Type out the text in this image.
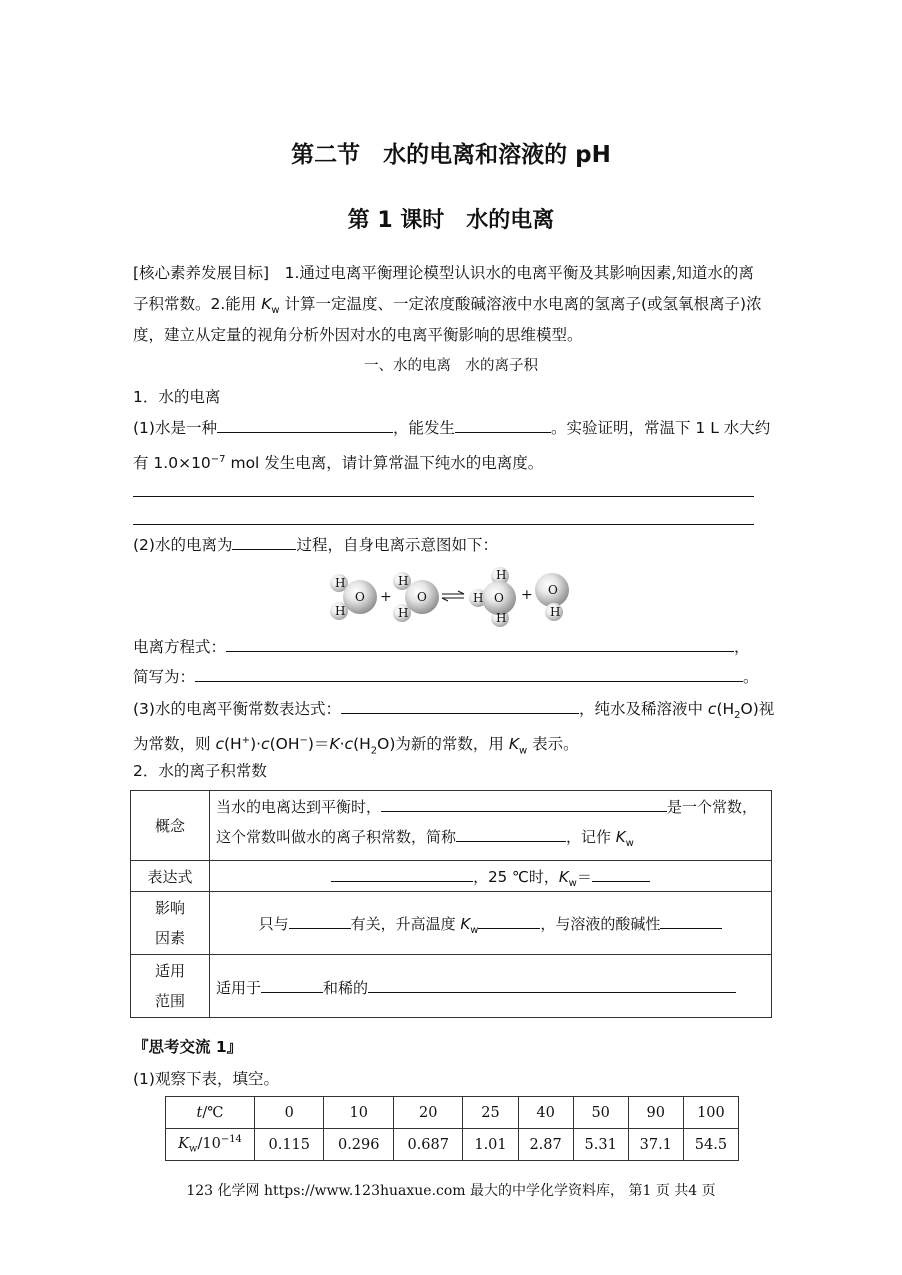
第二节　水的电离和溶液的 pH
第 1 课时　水的电离
[核心素养发展目标]　1.通过电离平衡理论模型认识水的电离平衡及其影响因素,知道水的离
子积常数。2.能用 $K_w$ 计算一定温度、一定浓度酸碱溶液中水电离的氢离子(或氢氧根离子)浓
度，建立从定量的视角分析外因对水的电离平衡影响的思维模型。
一、水的电离　水的离子积
1．水的电离
(1)水是一种	，能发生	。实验证明，常温下 1 L 水大约
有 $1.0\times 10^{-7}$ mol 发生电离，请计算常温下纯水的电离度。
(2)水的电离为	过程，自身电离示意图如下：
H
H
O +
H
H
O ⇌
H
H
H
O + O
H
电离方程式：	，
简写为：	。
(3)水的电离平衡常数表达式：	，纯水及稀溶液中 $c(H_2O)$视
为常数，则 $c(H^+)\cdot c(OH^-)=K\cdot c(H_2O)$为新的常数，用 $K_w$ 表示。
2．水的离子积常数
概念	当水的电离达到平衡时， 是一个常数，
这个常数叫做水的离子积常数，简称 ，记作 $K_w$
表达式	，25 ℃时，$K_w=$
影响
因素	只与 有关，升高温度 $K_w$ ，与溶液的酸碱性
适用
范围	适用于 和稀的
『思考交流 1』
(1)观察下表，填空。
t/℃	0	10	20	25	40	50	90	100
$K_w/10^{-14}$	0.115	0.296	0.687	1.01	2.87	5.31	37.1	54.5
123 化学网 https://www.123huaxue.com 最大的中学化学资料库， 第1 页 共4 页
